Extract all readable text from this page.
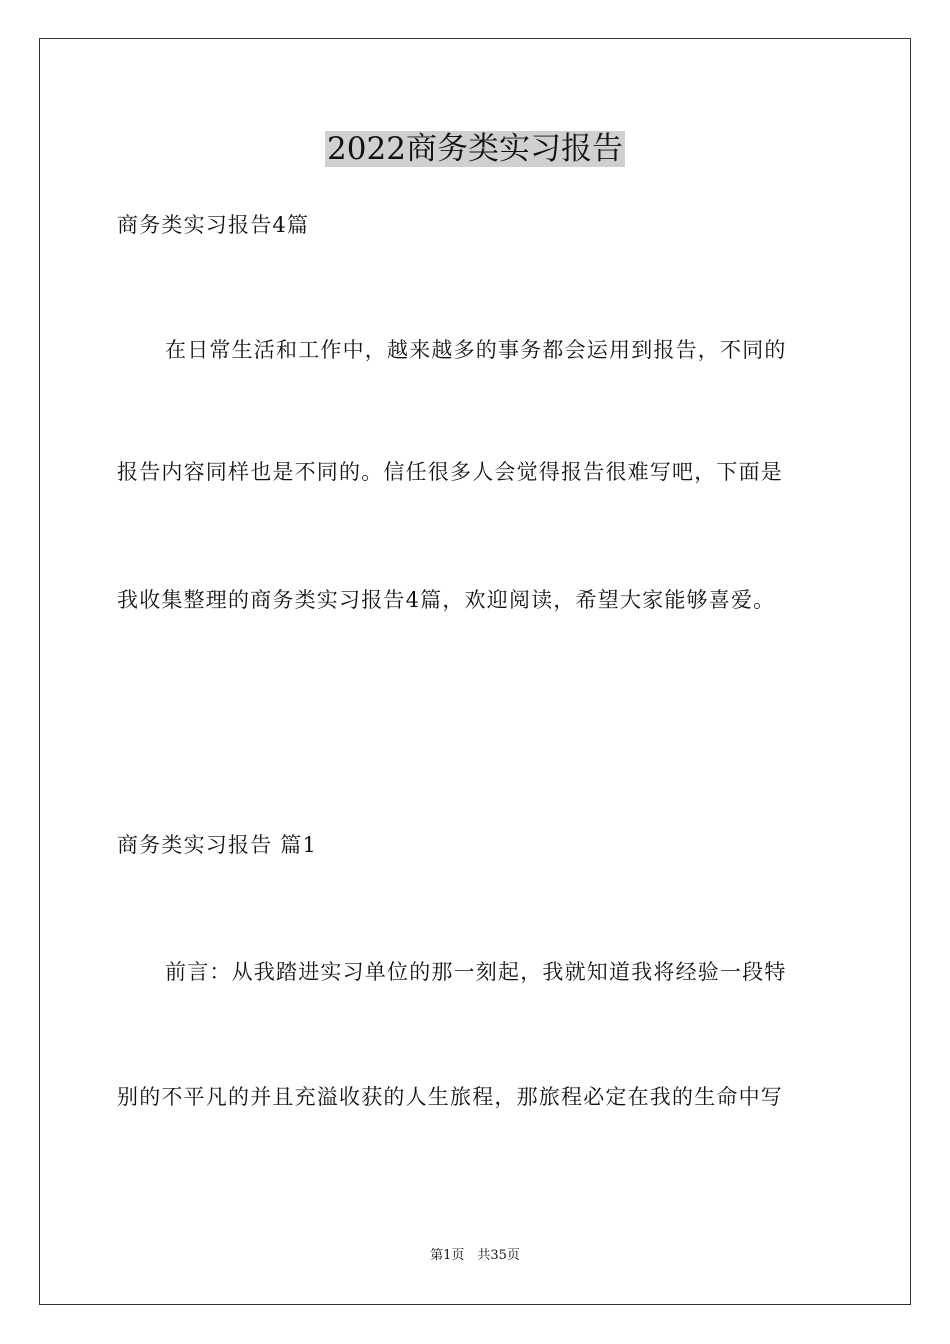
2022商务类实习报告

商务类实习报告4篇

在日常生活和工作中，越来越多的事务都会运用到报告，不同的

报告内容同样也是不同的。信任很多人会觉得报告很难写吧，下面是

我收集整理的商务类实习报告4篇，欢迎阅读，希望大家能够喜爱。

商务类实习报告 篇1

前言：从我踏进实习单位的那一刻起，我就知道我将经验一段特

别的不平凡的并且充溢收获的人生旅程，那旅程必定在我的生命中写

第1页　共35页
